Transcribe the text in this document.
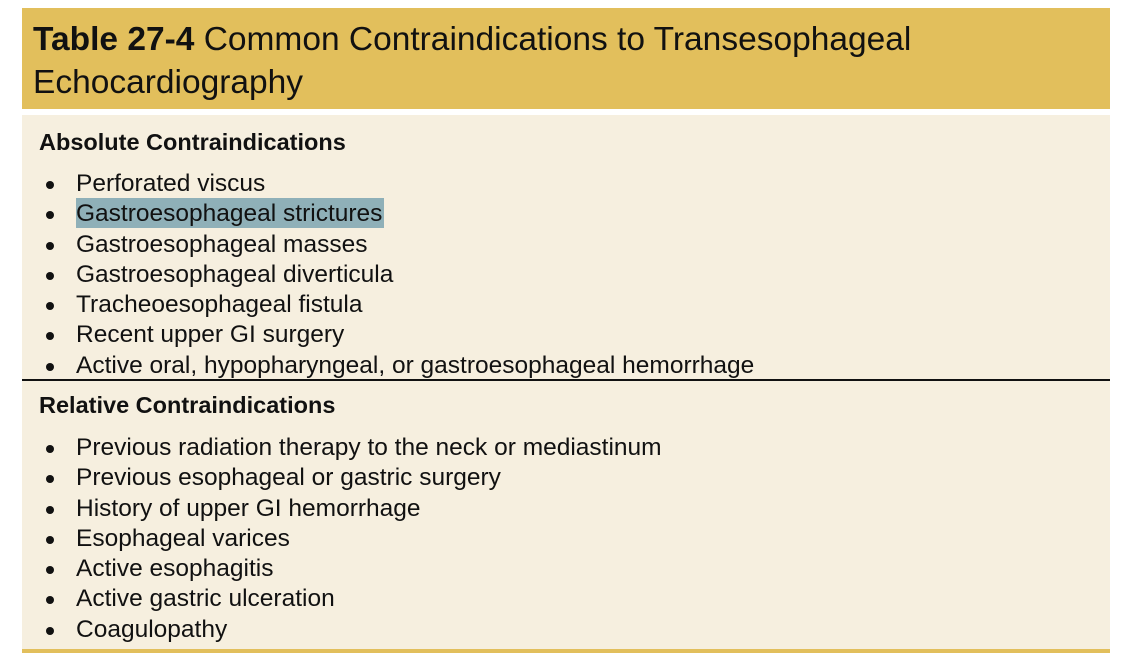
Table 27-4 Common Contraindications to Transesophageal Echocardiography
Absolute Contraindications
Perforated viscus
Gastroesophageal strictures
Gastroesophageal masses
Gastroesophageal diverticula
Tracheoesophageal fistula
Recent upper GI surgery
Active oral, hypopharyngeal, or gastroesophageal hemorrhage
Relative Contraindications
Previous radiation therapy to the neck or mediastinum
Previous esophageal or gastric surgery
History of upper GI hemorrhage
Esophageal varices
Active esophagitis
Active gastric ulceration
Coagulopathy
